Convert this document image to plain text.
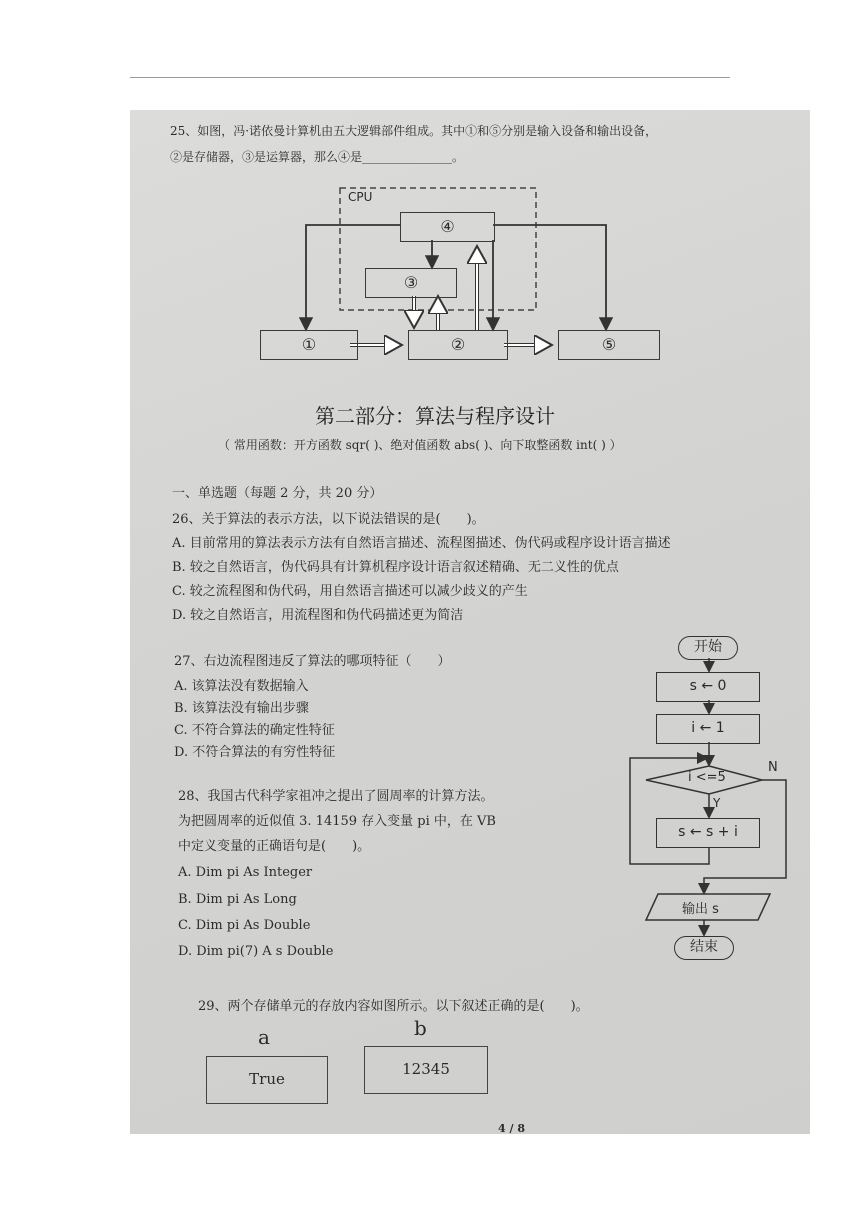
25、如图，冯·诺依曼计算机由五大逻辑部件组成。其中①和⑤分别是输入设备和输出设备，
②是存储器，③是运算器，那么④是_______________。
CPU
④
③
①	②	⑤
第二部分：算法与程序设计
（ 常用函数：开方函数 sqr( )、绝对值函数 abs( )、向下取整函数 int( ) ）
一、单选题（每题 2 分，共 20 分）
26、关于算法的表示方法，以下说法错误的是(　　)。
A. 目前常用的算法表示方法有自然语言描述、流程图描述、伪代码或程序设计语言描述
B. 较之自然语言，伪代码具有计算机程序设计语言叙述精确、无二义性的优点
C. 较之流程图和伪代码，用自然语言描述可以减少歧义的产生
D. 较之自然语言，用流程图和伪代码描述更为简洁
27、右边流程图违反了算法的哪项特征（　　）
A. 该算法没有数据输入
B. 该算法没有输出步骤
C. 不符合算法的确定性特征
D. 不符合算法的有穷性特征
开始
s ← 0
i ← 1
i <=5
N
Y
s ← s + i
输出 s
结束
28、我国古代科学家祖冲之提出了圆周率的计算方法。
为把圆周率的近似值 3. 14159 存入变量 pi 中，在 VB
中定义变量的正确语句是(　　)。
A. Dim pi As Integer
B. Dim pi As Long
C. Dim pi As Double
D. Dim pi(7) A s Double
29、两个存储单元的存放内容如图所示。以下叙述正确的是(　　)。
a	b
True
12345
4 / 8
